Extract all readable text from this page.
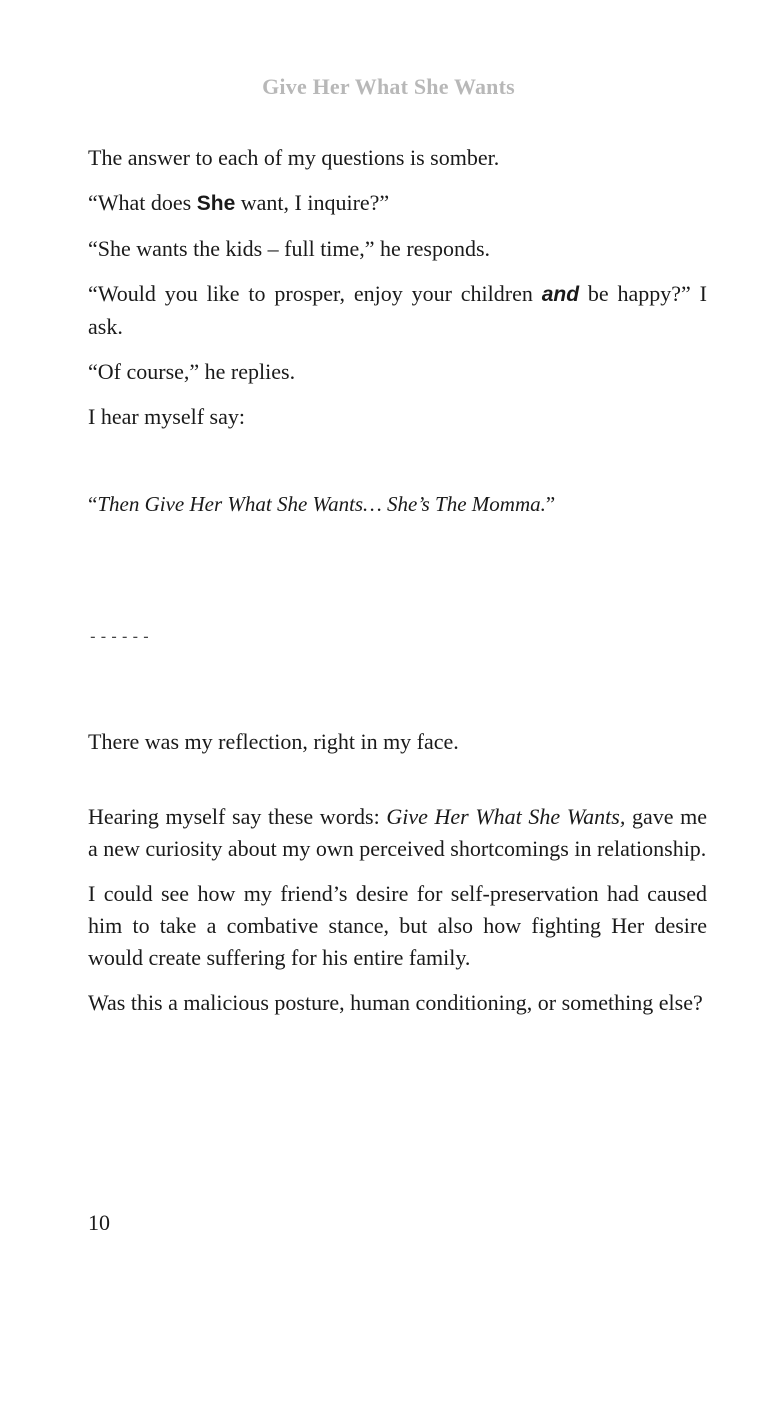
Give Her What She Wants

The answer to each of my questions is somber.

“What does She want, I inquire?”

“She wants the kids – full time,” he responds.

“Would you like to prosper, enjoy your children and be happy?” I ask.

“Of course,” he replies.

I hear myself say:

“Then Give Her What She Wants… She’s The Momma.”

------

There was my reflection, right in my face.

Hearing myself say these words: Give Her What She Wants, gave me a new curiosity about my own perceived shortcomings in relationship.

I could see how my friend’s desire for self-preservation had caused him to take a combative stance, but also how fighting Her desire would create suffering for his entire family.

Was this a malicious posture, human conditioning, or something else?

10
